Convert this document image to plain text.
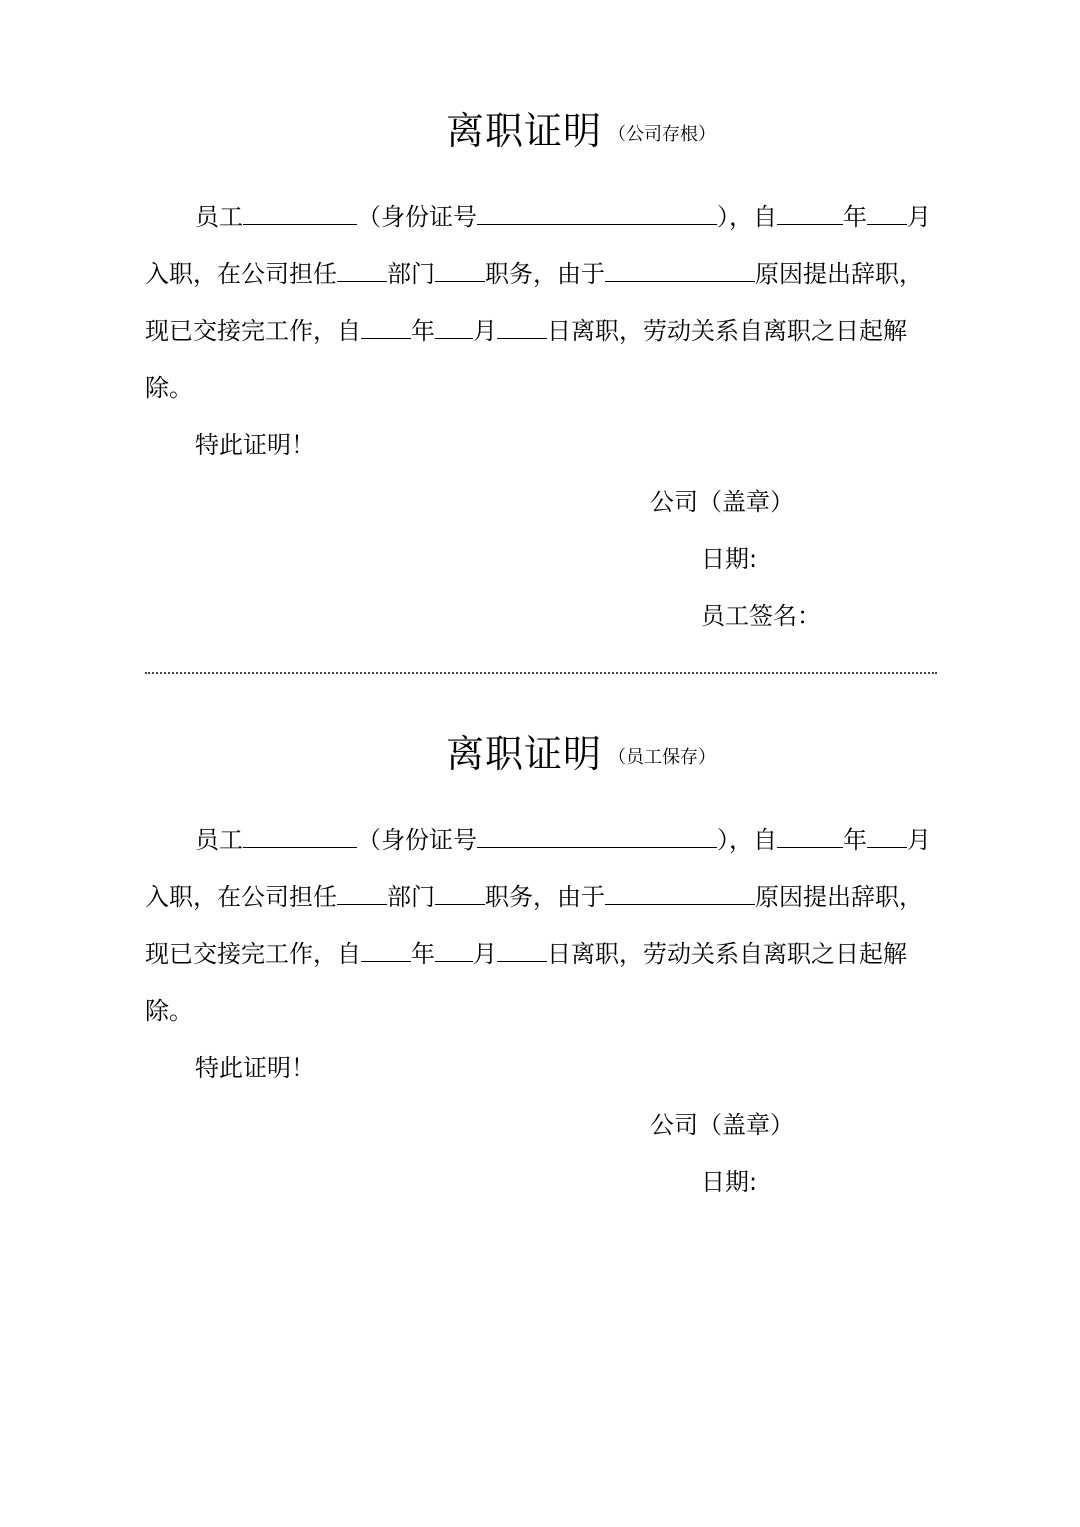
离职证明 （公司存根）
员工	（身份证号	），自	年 月
入职，在公司担任 部门 职务，由于	原因提出辞职，
现已交接完工作，自 年 月 日离职，劳动关系自离职之日起解
除。
特此证明！
公司（盖章）
日期:
员工签名：
离职证明 （员工保存）
员工	（身份证号	），自	年 月
入职，在公司担任 部门 职务，由于	原因提出辞职，
现已交接完工作，自 年 月 日离职，劳动关系自离职之日起解
除。
特此证明！
公司（盖章）
日期:
